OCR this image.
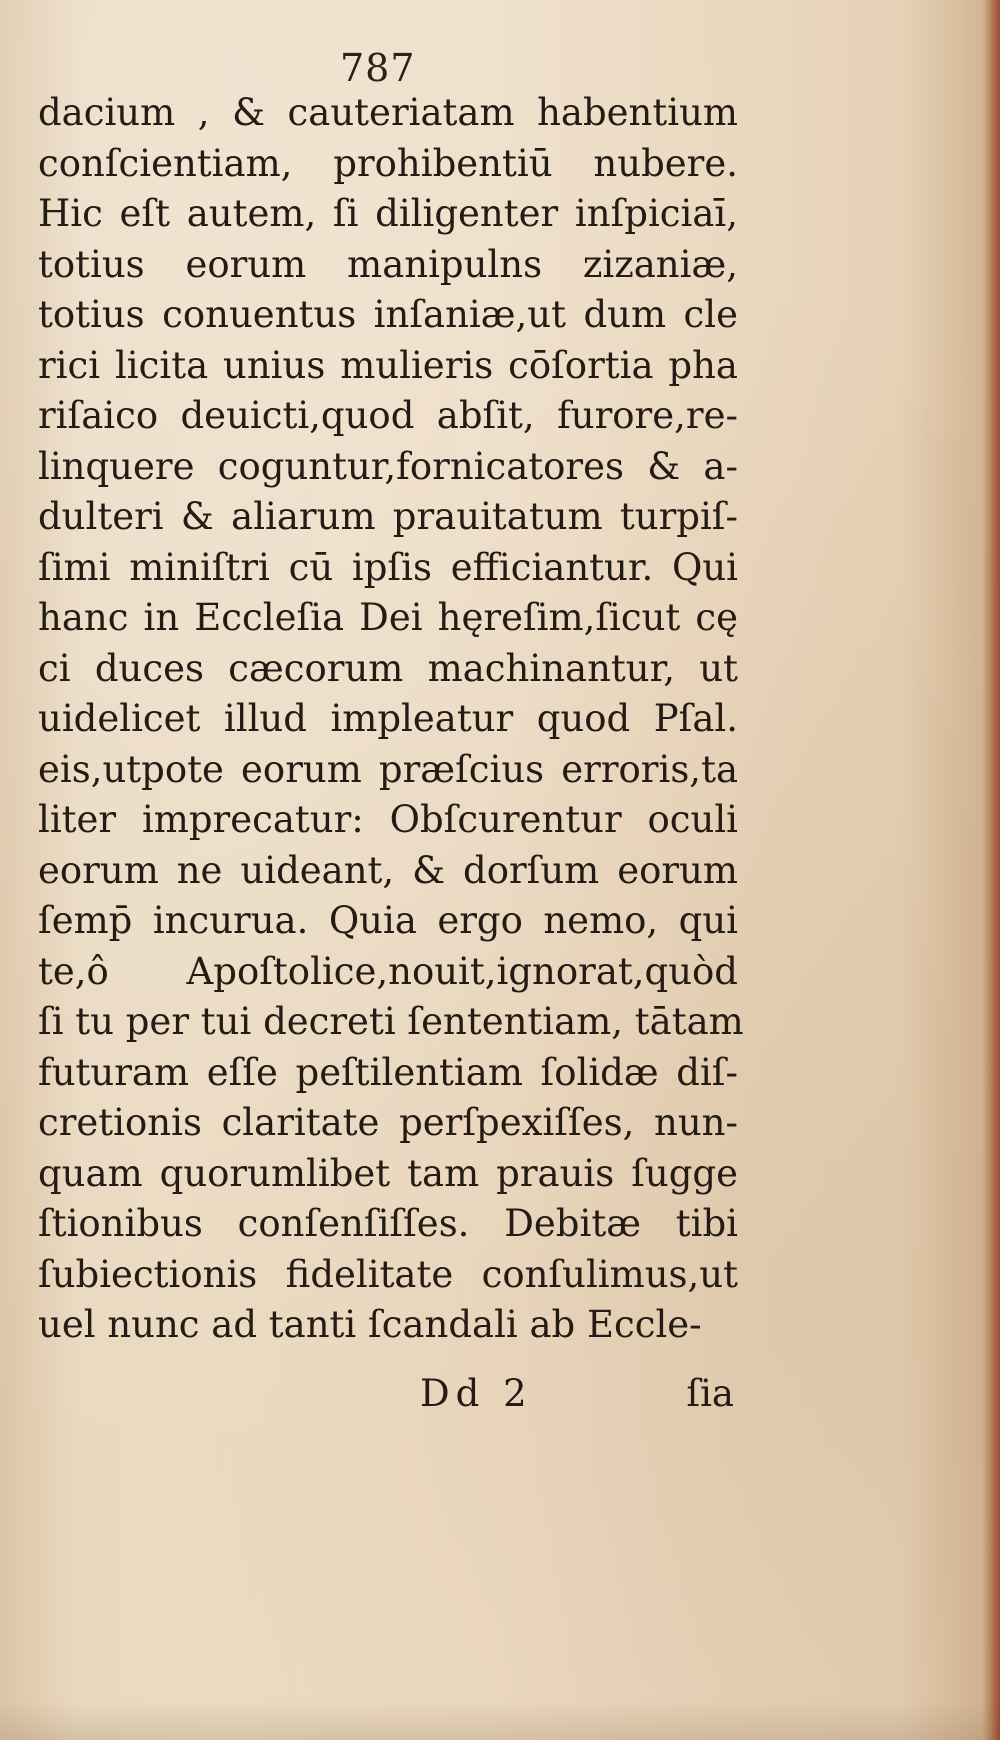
787
dacium , & cauteriatam habentium
conſcientiam, prohibentiū nubere.
Hic eſt autem, ſi diligenter inſpiciaī,
totius eorum manipulns zizaniæ,
totius conuentus inſaniæ,ut dum cle
rici licita unius mulieris cōſortia pha
riſaico deuicti,quod abſit, furore,re-
linquere coguntur,fornicatores & a-
dulteri & aliarum prauitatum turpiſ-
ſimi miniſtri cū ipſis efficiantur. Qui
hanc in Eccleſia Dei hęreſim,ſicut cę
ci duces cæcorum machinantur, ut
uidelicet illud impleatur quod Pſal.
eis,utpote eorum præſcius erroris,ta
liter imprecatur: Obſcurentur oculi
eorum ne uideant, & dorſum eorum
ſemp̄ incurua. Quia ergo nemo, qui
te,ô Apoſtolice,nouit,ignorat,quòd
ſi tu per tui decreti ſententiam, tātam
futuram eſſe peſtilentiam ſolidæ diſ-
cretionis claritate perſpexiſſes, nun-
quam quorumlibet tam prauis ſugge
ſtionibus conſenſiſſes. Debitæ tibi
ſubiectionis fidelitate conſulimus,ut
uel nunc ad tanti ſcandali ab Eccle-
Dd 2	ſia
